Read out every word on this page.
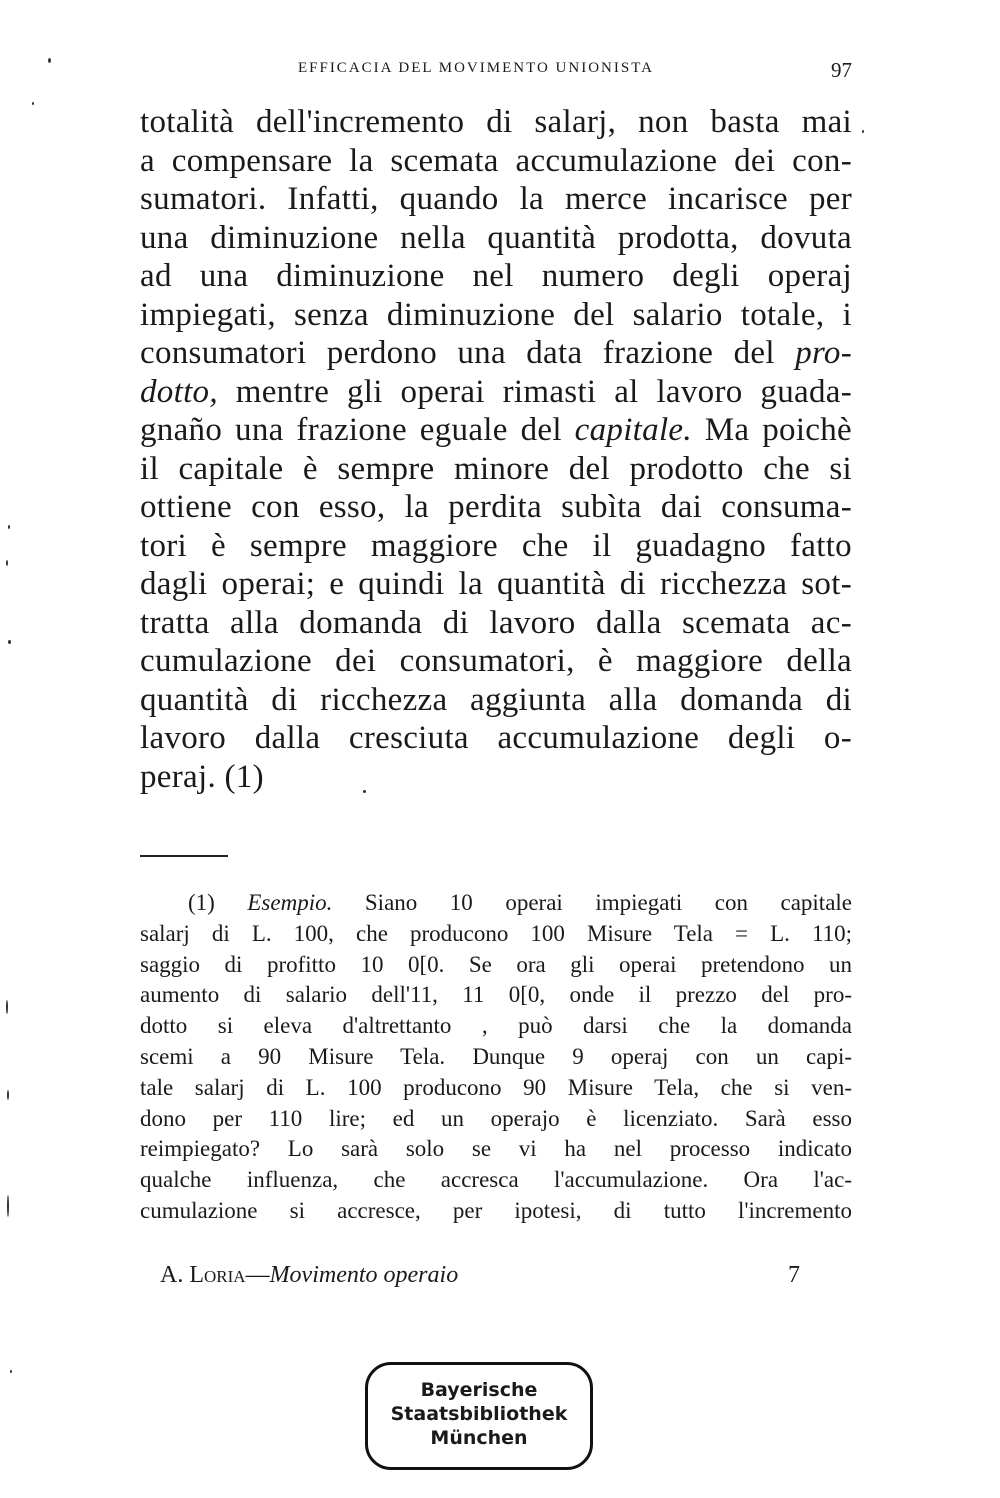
EFFICACIA DEL MOVIMENTO UNIONISTA	97
totalità dell'incremento di salarj, non basta mai
a compensare la scemata accumulazione dei con-
sumatori. Infatti, quando la merce incarisce per
una diminuzione nella quantità prodotta, dovuta
ad una diminuzione nel numero degli operaj
impiegati, senza diminuzione del salario totale, i
consumatori perdono una data frazione del pro-
dotto, mentre gli operai rimasti al lavoro guada-
gnaño una frazione eguale del capitale. Ma poichè
il capitale è sempre minore del prodotto che si
ottiene con esso, la perdita subìta dai consuma-
tori è sempre maggiore che il guadagno fatto
dagli operai; e quindi la quantità di ricchezza sot-
tratta alla domanda di lavoro dalla scemata ac-
cumulazione dei consumatori, è maggiore della
quantità di ricchezza aggiunta alla domanda di
lavoro dalla cresciuta accumulazione degli o-
peraj. (1)
(1) Esempio. Siano 10 operai impiegati con capitale
salarj di L. 100, che producono 100 Misure Tela = L. 110;
saggio di profitto 10 0[0. Se ora gli operai pretendono un
aumento di salario dell'11, 11 0[0, onde il prezzo del pro-
dotto si eleva d'altrettanto , può darsi che la domanda
scemi a 90 Misure Tela. Dunque 9 operaj con un capi-
tale salarj di L. 100 producono 90 Misure Tela, che si ven-
dono per 110 lire; ed un operajo è licenziato. Sarà esso
reimpiegato? Lo sarà solo se vi ha nel processo indicato
qualche influenza, che accresca l'accumulazione. Ora l'ac-
cumulazione si accresce, per ipotesi, di tutto l'incremento
A. Loria—Movimento operaio	7
Bayerische
Staatsbibliothek
München
